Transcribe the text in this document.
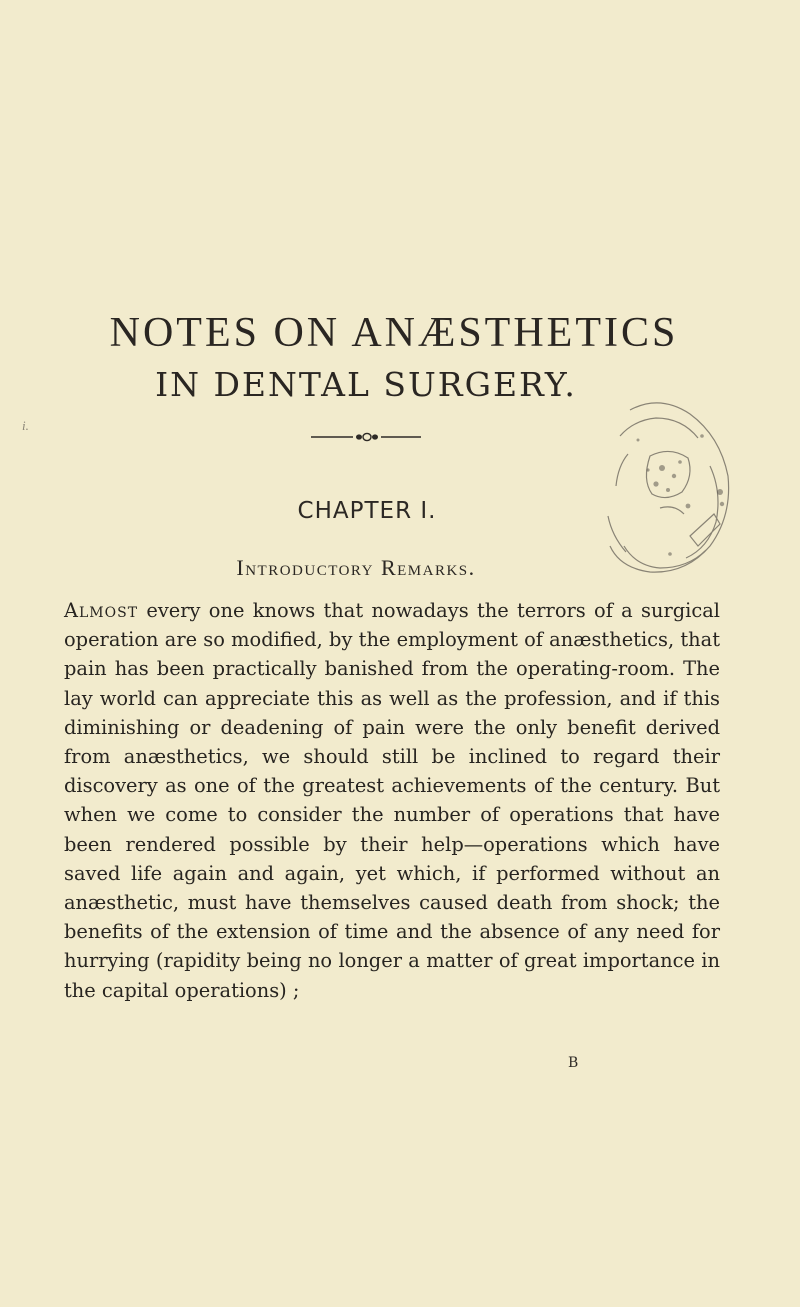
NOTES ON ANÆSTHETICS
IN DENTAL SURGERY.
i.
CHAPTER I.
Introductory Remarks.

Almost every one knows that nowadays the terrors of a surgical operation are so modified, by the employment of anæsthetics, that pain has been practically banished from the operating-room. The lay world can appreciate this as well as the profession, and if this diminishing or deadening of pain were the only benefit derived from anæsthetics, we should still be inclined to regard their discovery as one of the greatest achievements of the century. But when we come to consider the number of operations that have been rendered possible by their help—operations which have saved life again and again, yet which, if performed without an anæsthetic, must have themselves caused death from shock; the benefits of the extension of time and the absence of any need for hurrying (rapidity being no longer a matter of great importance in the capital operations) ;

B
